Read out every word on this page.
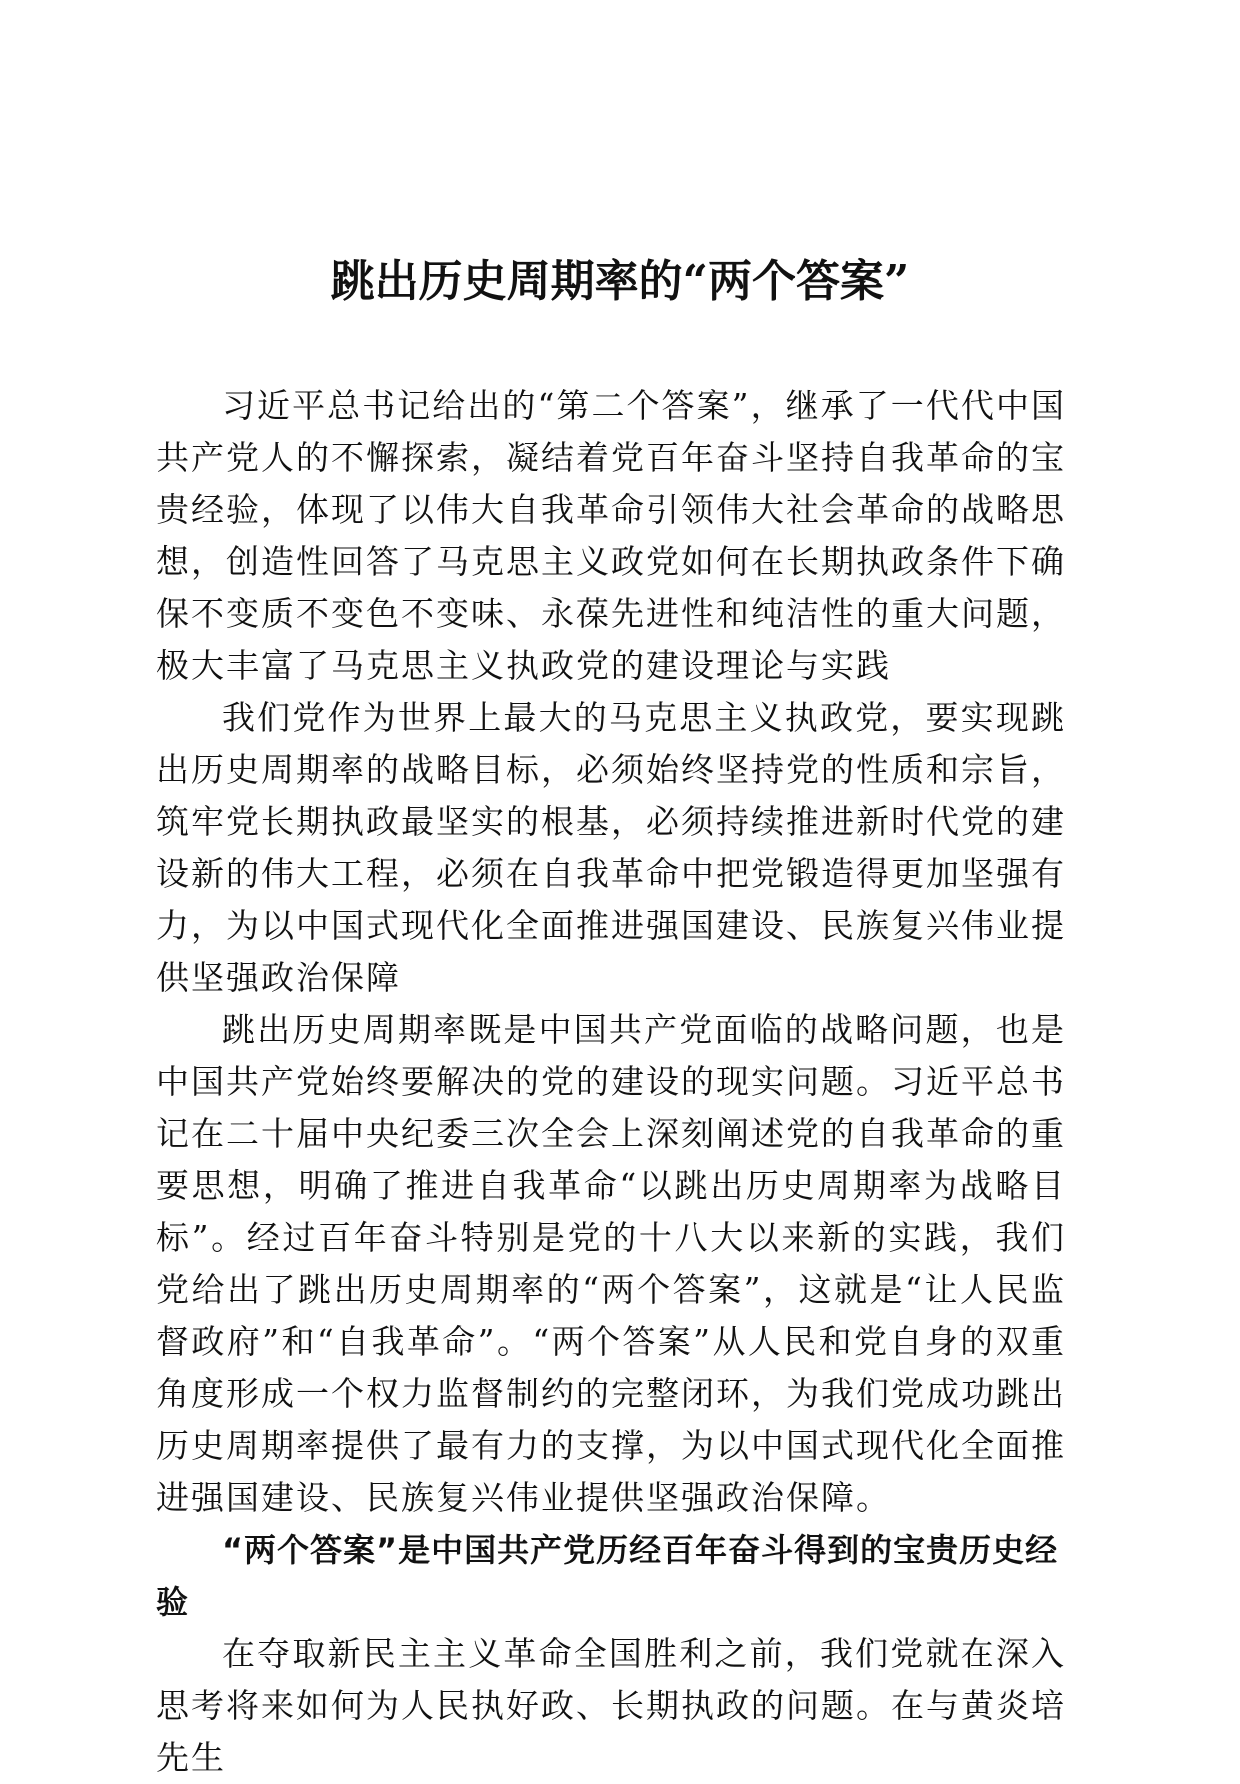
跳出历史周期率的“两个答案”

习近平总书记给出的“第二个答案”，继承了一代代中国共产党人的不懈探索，凝结着党百年奋斗坚持自我革命的宝贵经验，体现了以伟大自我革命引领伟大社会革命的战略思想，创造性回答了马克思主义政党如何在长期执政条件下确保不变质不变色不变味、永葆先进性和纯洁性的重大问题，极大丰富了马克思主义执政党的建设理论与实践

我们党作为世界上最大的马克思主义执政党，要实现跳出历史周期率的战略目标，必须始终坚持党的性质和宗旨，筑牢党长期执政最坚实的根基，必须持续推进新时代党的建设新的伟大工程，必须在自我革命中把党锻造得更加坚强有力，为以中国式现代化全面推进强国建设、民族复兴伟业提供坚强政治保障

跳出历史周期率既是中国共产党面临的战略问题，也是中国共产党始终要解决的党的建设的现实问题。习近平总书记在二十届中央纪委三次全会上深刻阐述党的自我革命的重要思想，明确了推进自我革命“以跳出历史周期率为战略目标”。经过百年奋斗特别是党的十八大以来新的实践，我们党给出了跳出历史周期率的“两个答案”，这就是“让人民监督政府”和“自我革命”。“两个答案”从人民和党自身的双重角度形成一个权力监督制约的完整闭环，为我们党成功跳出历史周期率提供了最有力的支撑，为以中国式现代化全面推进强国建设、民族复兴伟业提供坚强政治保障。

“两个答案”是中国共产党历经百年奋斗得到的宝贵历史经验

在夺取新民主主义革命全国胜利之前，我们党就在深入思考将来如何为人民执好政、长期执政的问题。在与黄炎培先生
